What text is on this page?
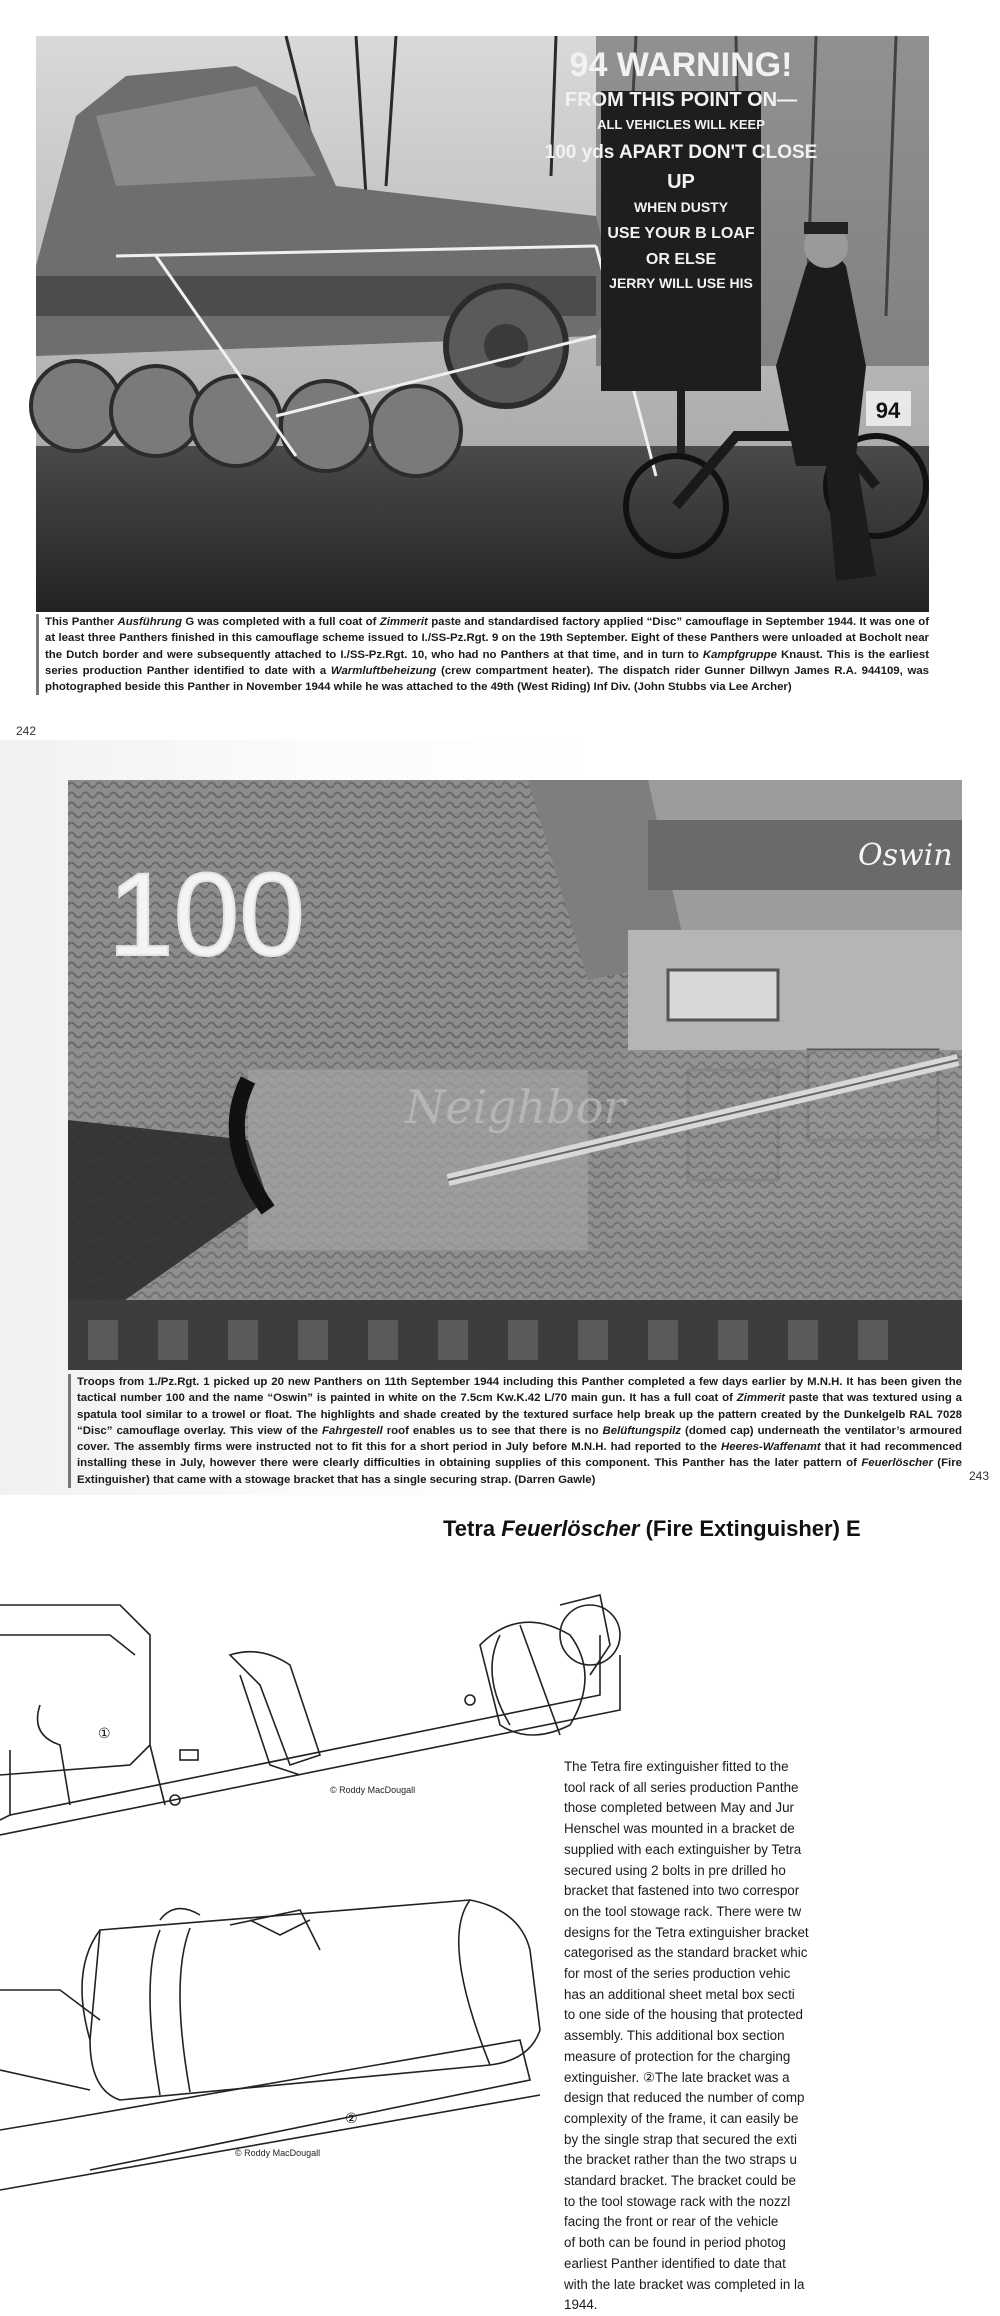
94 WARNING!
FROM THIS POINT ON—
ALL VEHICLES WILL KEEP
100 yds APART DON'T CLOSE
UP
WHEN DUSTY
USE YOUR B LOAF
OR ELSE
JERRY WILL USE HIS
94
This Panther Ausführung G was completed with a full coat of Zimmerit paste and standardised factory applied “Disc” camouflage in September 1944. It was one of at least three Panthers finished in this camouflage scheme issued to I./SS-Pz.Rgt. 9 on the 19th September. Eight of these Panthers were unloaded at Bocholt near the Dutch border and were subsequently attached to I./SS-Pz.Rgt. 10, who had no Panthers at that time, and in turn to Kampfgruppe Knaust. This is the earliest series production Panther identified to date with a Warmluftbeheizung (crew compartment heater). The dispatch rider Gunner Dillwyn James R.A. 944109, was photographed beside this Panther in November 1944 while he was attached to the 49th (West Riding) Inf Div. (John Stubbs via Lee Archer)
242
Oswin
100
Neighbor
Troops from 1./Pz.Rgt. 1 picked up 20 new Panthers on 11th September 1944 including this Panther completed a few days earlier by M.N.H. It has been given the tactical number 100 and the name “Oswin” is painted in white on the 7.5cm Kw.K.42 L/70 main gun. It has a full coat of Zimmerit paste that was textured using a spatula tool similar to a trowel or float. The highlights and shade created by the textured surface help break up the pattern created by the Dunkelgelb RAL 7028 “Disc” camouflage overlay. This view of the Fahrgestell roof enables us to see that there is no Belüftungspilz (domed cap) underneath the ventilator’s armoured cover. The assembly firms were instructed not to fit this for a short period in July before M.N.H. had reported to the Heeres-Waffenamt that it had recommenced installing these in July, however there were clearly difficulties in obtaining supplies of this component. This Panther has the later pattern of Feuerlöscher (Fire Extinguisher) that came with a stowage bracket that has a single securing strap. (Darren Gawle)	243
Tetra Feuerlöscher (Fire Extinguisher) E
①
© Roddy MacDougall
②
© Roddy MacDougall
The Tetra fire extinguisher fitted to the
tool rack of all series production Panthe
those completed between May and Jur
Henschel was mounted in a bracket de
supplied with each extinguisher by Tetra
secured using 2 bolts in pre drilled ho
bracket that fastened into two correspor
on the tool stowage rack. There were tw
designs for the Tetra extinguisher bracket
categorised as the standard bracket whic
for most of the series production vehic
has an additional sheet metal box secti
to one side of the housing that protected
assembly. This additional box section
measure of protection for the charging
extinguisher. ②The late bracket was a
design that reduced the number of comp
complexity of the frame, it can easily be
by the single strap that secured the exti
the bracket rather than the two straps u
standard bracket. The bracket could be
to the tool stowage rack with the nozzl
facing the front or rear of the vehicle
of both can be found in period photog
earliest Panther identified to date that
with the late bracket was completed in la
1944.
